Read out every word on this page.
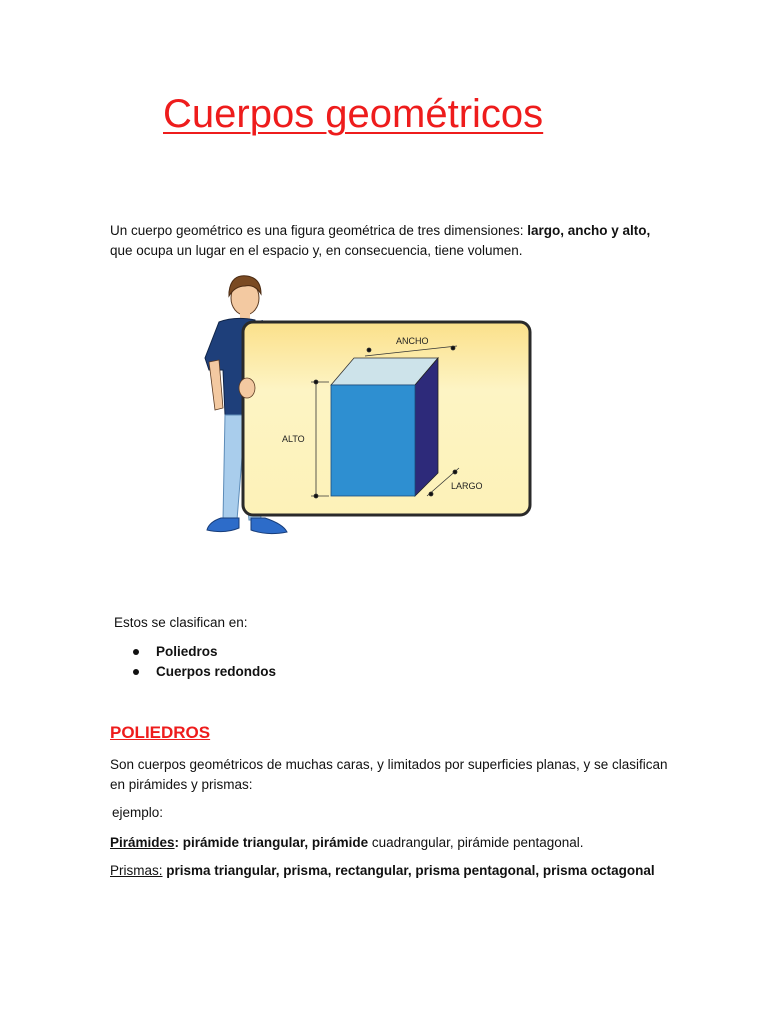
Cuerpos geométricos

Un cuerpo geométrico es una figura geométrica de tres dimensiones: largo, ancho y alto, que ocupa un lugar en el espacio y, en consecuencia, tiene volumen.

ANCHO
ALTO
LARGO

Estos se clasifican en:

Poliedros
Cuerpos redondos
POLIEDROS

Son cuerpos geométricos de muchas caras, y limitados por superficies planas, y se clasifican en pirámides y prismas:

ejemplo:

Pirámides: pirámide triangular, pirámide cuadrangular, pirámide pentagonal.

Prismas: prisma triangular, prisma, rectangular, prisma pentagonal, prisma octagonal
